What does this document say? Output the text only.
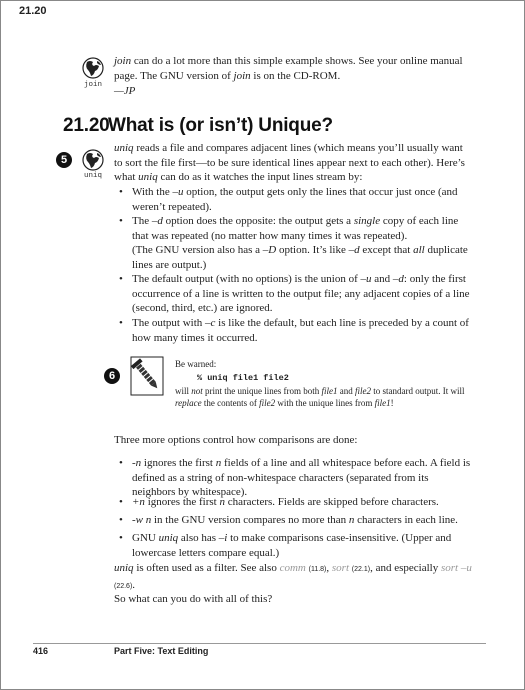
21.20
join

join can do a lot more than this simple example shows. See your online manual page. The GNU version of join is on the CD-ROM.

—JP

21.20What is (or isn’t) Unique?
5
uniq

uniq reads a file and compares adjacent lines (which means you’ll usually want to sort the file first—to be sure identical lines appear next to each other). Here’s what uniq can do as it watches the input lines stream by:

• With the –u option, the output gets only the lines that occur just once (and weren’t repeated).
• The –d option does the opposite: the output gets a single copy of each line that was repeated (no matter how many times it was repeated).
(The GNU version also has a –D option. It’s like –d except that all duplicate lines are output.)
• The default output (with no options) is the union of –u and –d: only the first occurrence of a line is written to the output file; any adjacent copies of a line (second, third, etc.) are ignored.
• The output with –c is like the default, but each line is preceded by a count of how many times it occurred.
6
Be warned:
% uniq file1 file2
will not print the unique lines from both file1 and file2 to standard output. It will replace the contents of file2 with the unique lines from file1!

Three more options control how comparisons are done:

• -n ignores the first n fields of a line and all whitespace before each. A field is defined as a string of non-whitespace characters (separated from its neighbors by whitespace).
• +n ignores the first n characters. Fields are skipped before characters.
• -w n in the GNU version compares no more than n characters in each line.
• GNU uniq also has –i to make comparisons case-insensitive. (Upper and lowercase letters compare equal.)

uniq is often used as a filter. See also comm (11.8), sort (22.1), and especially sort –u (22.6).

So what can you do with all of this?

416	Part Five: Text Editing
